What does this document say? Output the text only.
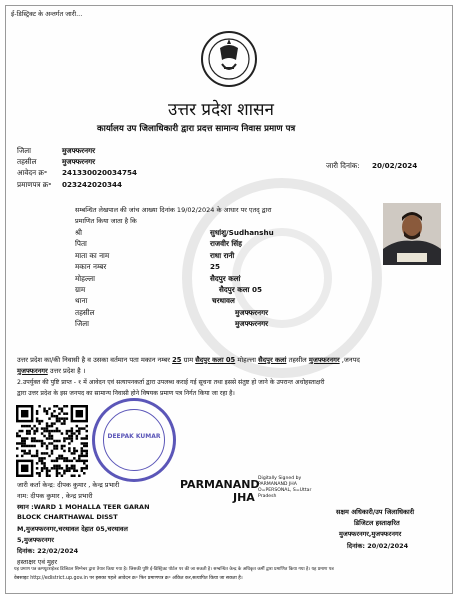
ई-डिस्ट्रिक्ट के अन्तर्गत जारी...
उत्तर प्रदेश शासन
कार्यालय उप जिलाधिकारी द्वारा प्रदत्त सामान्य निवास प्रमाण पत्र
जिला	मुजफ्फरनगर
तहसील	मुजफ्फरनगर
आवेदन क्र॰ 241330020034754
प्रमाणपत्र क्र॰ 023242020344
जारी दिनांक: 20/02/2024
सम्बन्धित लेखपाल की जांच आख्या दिनांक 19/02/2024 के आधार पर एतद् द्वारा
प्रमाणित किया जाता है कि
श्री	सुधांशु/Sudhanshu
पिता	राजवीर सिंह
माता का नाम	राधा रानी
मकान नम्बर	25
मोहल्ला	सैदपुर कलां
ग्राम	सैदपुर कला 05
थाना	चरथावल
तहसील	मुजफ्फरनगर
जिला	मुजफ्फरनगर
उत्तर प्रदेश का/की निवासी है व उसका वर्तमान पता मकान नम्बर 25 ग्राम सैदपुर कला 05 मोहल्ला सैदपुर कलां तहसील मुजफ्फरनगर ,जनपद
मुजफ्फरनगर उत्तर प्रदेश है ।
2.उपर्युक्त की पुष्टि प्राप्त - १ में आवेदन एवं सत्यापनकर्ता द्वारा उपलब्ध कराई गई सूचना तथा इससे संतुष्ट हो जाने के उपरान्त अधोहस्ताक्षरी
द्वारा उत्तर प्रदेश के इस जनपद का सामान्य निवासी होने विषयक प्रमाण पत्र निर्गत किया जा रहा है।
DEEPAK KUMAR
PARMANAND
JHA
Digitally Signed by
PARMANAND JHA
O=PERSONAL, S=Uttar
Pradesh
जारी कर्ता केन्द्र: दीपक कुमार , केन्द्र प्रभारी
नाम: दीपक कुमार , केन्द्र प्रभारी
स्थान :WARD 1 MOHALLA TEER GARAN
BLOCK CHARTHAWAL DISST
M,मुजफ्फरनगर,चरथावल देहात 05,चरथावल
5,मुजफ्फरनगर
दिनांक: 22/02/2024
हस्ताक्षर एवं मुहर
सक्षम अधिकारी/उप जिलाधिकारी
डिजिटल हस्ताक्षरित
मुजफ्फरनगर,मुजफ्फरनगर
दिनांक: 20/02/2024
यह प्रमाण पत्र कम्प्यूटराईज्ड डिजिटल सिग्नेचर द्वारा तैयार किया गया है। जिसकी पुष्टि ई-डिस्ट्रिक्ट पोर्टल पर की जा सकती है। सम्बन्धित केन्द्र के अधिकृत कर्मी द्वारा प्रमाणित किया गया है। यह प्रमाण पत्र
वेबसाइट http://edistrict.up.gov.in पर इसका पहले आवेदन क्र॰ फिर प्रमाणपत्र क्र॰ अंकित कर,सत्यापित किया जा सकता है।
